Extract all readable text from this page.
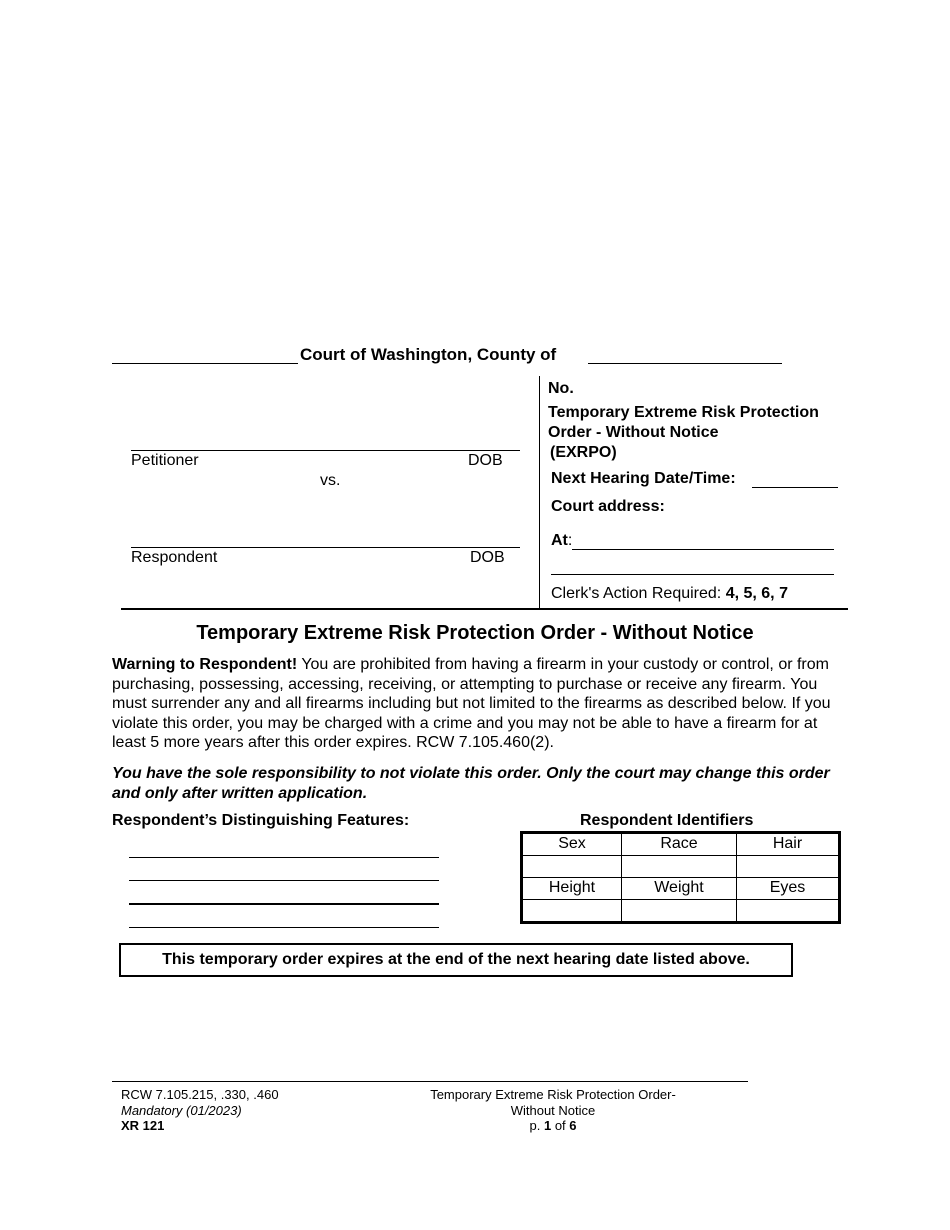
Court of Washington, County of
Petitioner	DOB
vs.
Respondent	DOB
No.
Temporary Extreme Risk Protection
Order - Without Notice
(EXRPO)
Next Hearing Date/Time:
Court address:
At:
Clerk's Action Required: 4, 5, 6, 7
Temporary Extreme Risk Protection Order - Without Notice
Warning to Respondent! You are prohibited from having a firearm in your custody or control, or from purchasing, possessing, accessing, receiving, or attempting to purchase or receive any firearm. You must surrender any and all firearms including but not limited to the firearms as described below. If you violate this order, you may be charged with a crime and you may not be able to have a firearm for at least 5 more years after this order expires. RCW 7.105.460(2).
You have the sole responsibility to not violate this order. Only the court may change this order and only after written application.
Respondent’s Distinguishing Features:	Respondent Identifiers
Sex	Race	Hair

Height	Weight	Eyes

This temporary order expires at the end of the next hearing date listed above.
RCW 7.105.215, .330, .460
Mandatory (01/2023)
XR 121
Temporary Extreme Risk Protection Order-
Without Notice
p. 1 of 6
